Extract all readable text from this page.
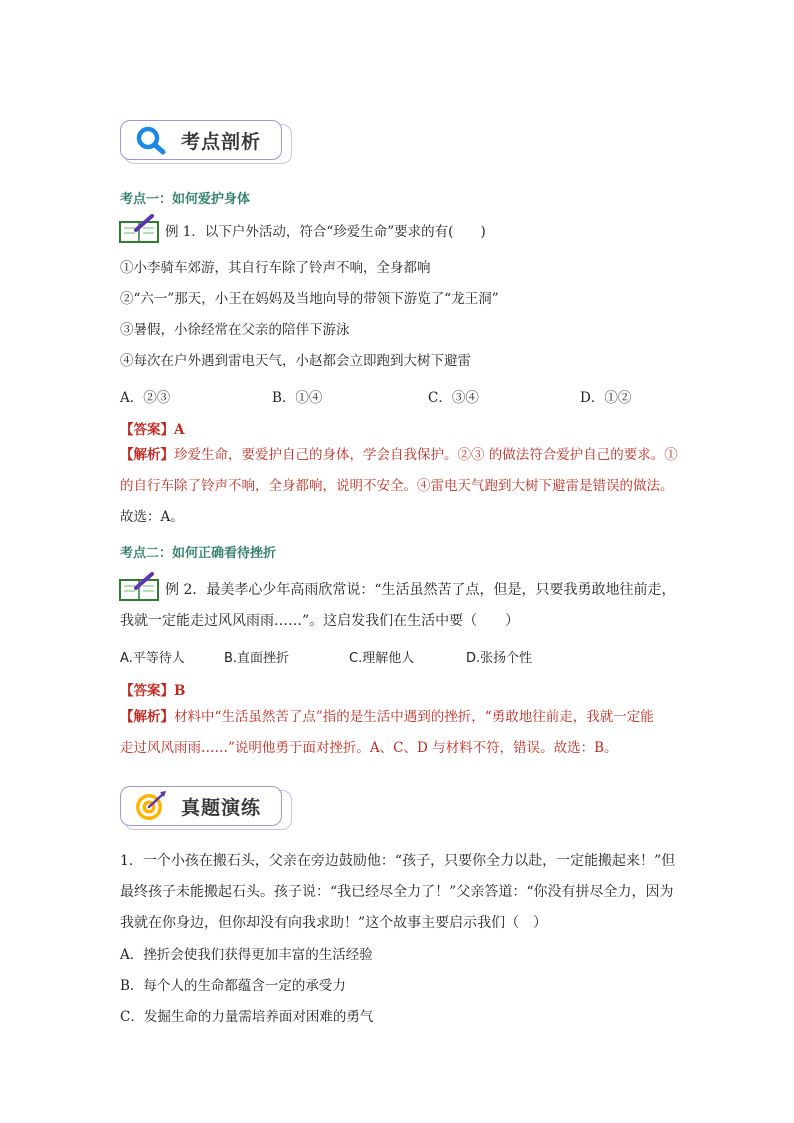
考点剖析
考点一：如何爱护身体
例 1．以下户外活动，符合“珍爱生命”要求的有(　　)
①小李骑车郊游，其自行车除了铃声不响，全身都响
②“六一”那天，小王在妈妈及当地向导的带领下游览了“龙王洞”
③暑假，小徐经常在父亲的陪伴下游泳
④每次在户外遇到雷电天气，小赵都会立即跑到大树下避雷
A．②③	B．①④	C．③④	D．①②
【答案】A
【解析】珍爱生命，要爱护自己的身体，学会自我保护。②③ 的做法符合爱护自己的要求。①
的自行车除了铃声不响，全身都响，说明不安全。④雷电天气跑到大树下避雷是错误的做法。
故选：A。
考点二：如何正确看待挫折
例 2．最美孝心少年高雨欣常说：“生活虽然苦了点，但是，只要我勇敢地往前走，
我就一定能走过风风雨雨……”。这启发我们在生活中要（　　）
A.平等待人	B.直面挫折	C.理解他人	D.张扬个性
【答案】B
【解析】材料中“生活虽然苦了点”指的是生活中遇到的挫折，“勇敢地往前走，我就一定能
走过风风雨雨……”说明他勇于面对挫折。A、C、D 与材料不符，错误。故选：B。
真题演练
1．一个小孩在搬石头，父亲在旁边鼓励他：“孩子，只要你全力以赴，一定能搬起来！”但
最终孩子未能搬起石头。孩子说：“我已经尽全力了！”父亲答道：“你没有拼尽全力，因为
我就在你身边，但你却没有向我求助！”这个故事主要启示我们（　）
A．挫折会使我们获得更加丰富的生活经验
B．每个人的生命都蕴含一定的承受力
C．发掘生命的力量需培养面对困难的勇气
